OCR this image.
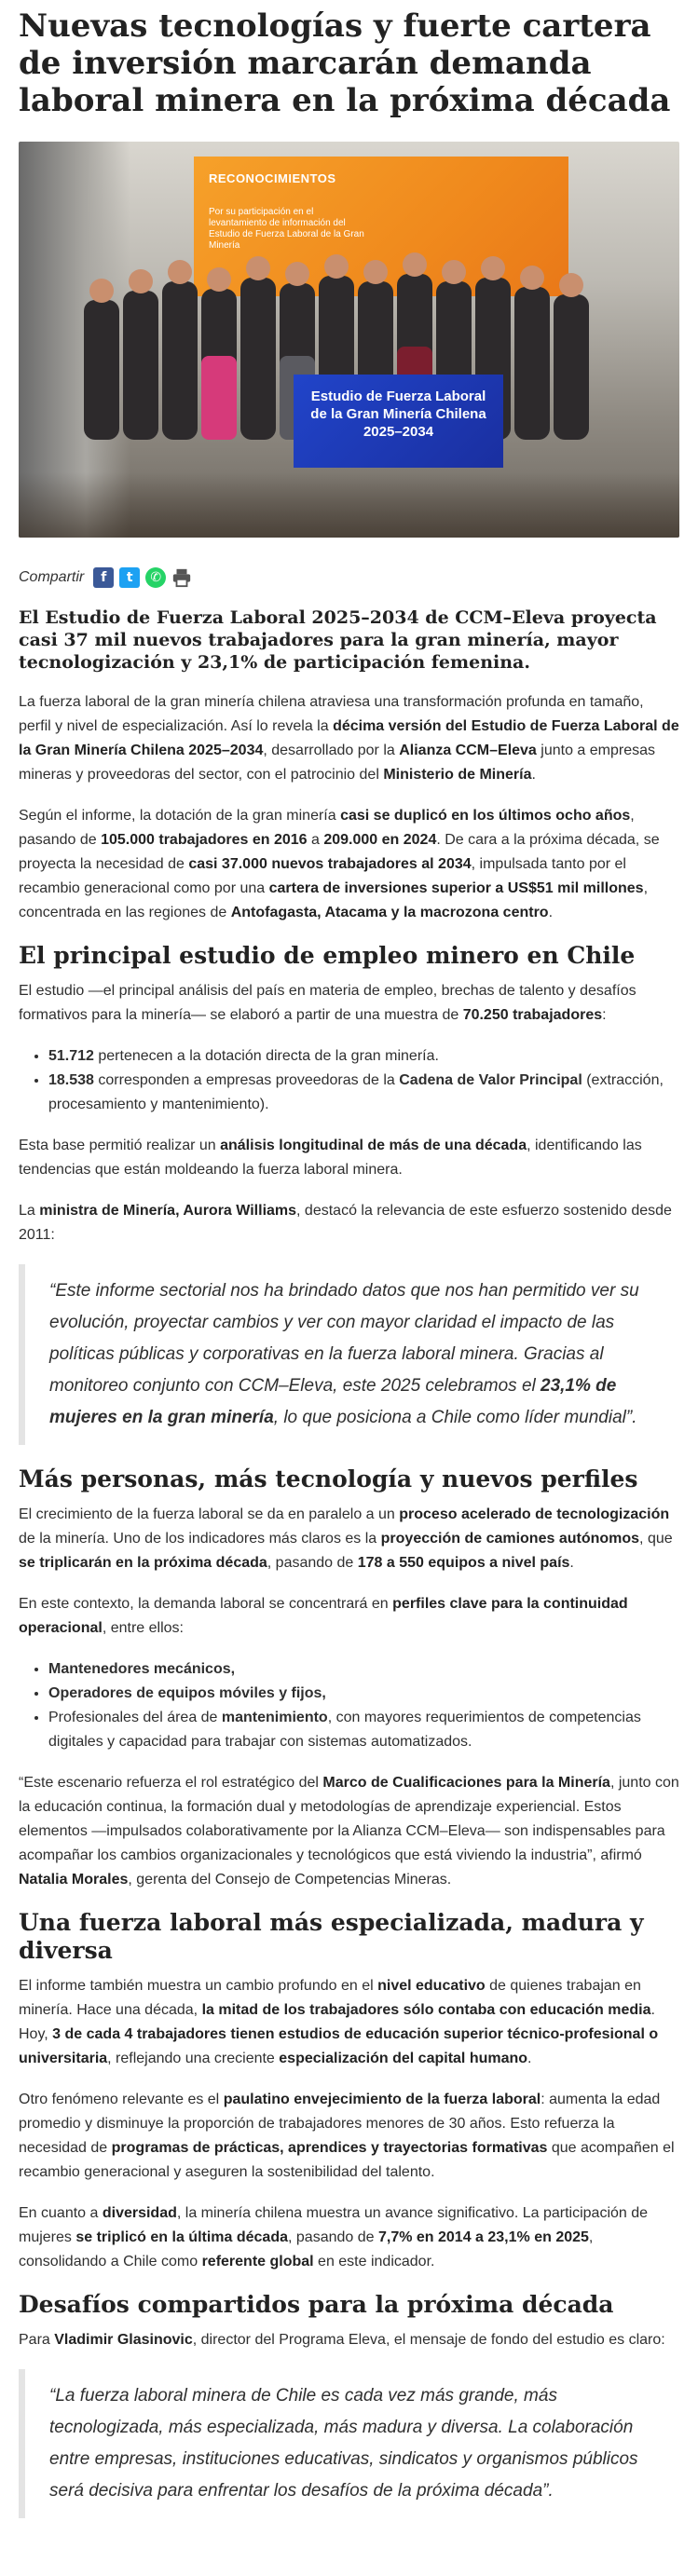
Nuevas tecnologías y fuerte cartera de inversión marcarán demanda laboral minera en la próxima década
RECONOCIMIENTOS
Por su participación en el levantamiento de información del Estudio de Fuerza Laboral de la Gran Minería
Estudio de Fuerza Laboral
de la Gran Minería Chilena
2025–2034
Compartir	f	t	✆

El Estudio de Fuerza Laboral 2025–2034 de CCM–Eleva proyecta casi 37 mil nuevos trabajadores para la gran minería, mayor tecnologización y 23,1% de participación femenina.

La fuerza laboral de la gran minería chilena atraviesa una transformación profunda en tamaño, perfil y nivel de especialización. Así lo revela la décima versión del Estudio de Fuerza Laboral de la Gran Minería Chilena 2025–2034, desarrollado por la Alianza CCM–Eleva junto a empresas mineras y proveedoras del sector, con el patrocinio del Ministerio de Minería.

Según el informe, la dotación de la gran minería casi se duplicó en los últimos ocho años, pasando de 105.000 trabajadores en 2016 a 209.000 en 2024. De cara a la próxima década, se proyecta la necesidad de casi 37.000 nuevos trabajadores al 2034, impulsada tanto por el recambio generacional como por una cartera de inversiones superior a US$51 mil millones, concentrada en las regiones de Antofagasta, Atacama y la macrozona centro.

El principal estudio de empleo minero en Chile

El estudio —el principal análisis del país en materia de empleo, brechas de talento y desafíos formativos para la minería— se elaboró a partir de una muestra de 70.250 trabajadores:

• 51.712 pertenecen a la dotación directa de la gran minería.
• 18.538 corresponden a empresas proveedoras de la Cadena de Valor Principal (extracción, procesamiento y mantenimiento).

Esta base permitió realizar un análisis longitudinal de más de una década, identificando las tendencias que están moldeando la fuerza laboral minera.

La ministra de Minería, Aurora Williams, destacó la relevancia de este esfuerzo sostenido desde 2011:

“Este informe sectorial nos ha brindado datos que nos han permitido ver su evolución, proyectar cambios y ver con mayor claridad el impacto de las políticas públicas y corporativas en la fuerza laboral minera. Gracias al monitoreo conjunto con CCM–Eleva, este 2025 celebramos el 23,1% de mujeres en la gran minería, lo que posiciona a Chile como líder mundial”.
Más personas, más tecnología y nuevos perfiles

El crecimiento de la fuerza laboral se da en paralelo a un proceso acelerado de tecnologización de la minería. Uno de los indicadores más claros es la proyección de camiones autónomos, que se triplicarán en la próxima década, pasando de 178 a 550 equipos a nivel país.

En este contexto, la demanda laboral se concentrará en perfiles clave para la continuidad operacional, entre ellos:

• Mantenedores mecánicos,
• Operadores de equipos móviles y fijos,
• Profesionales del área de mantenimiento, con mayores requerimientos de competencias digitales y capacidad para trabajar con sistemas automatizados.

“Este escenario refuerza el rol estratégico del Marco de Cualificaciones para la Minería, junto con la educación continua, la formación dual y metodologías de aprendizaje experiencial. Estos elementos —impulsados colaborativamente por la Alianza CCM–Eleva— son indispensables para acompañar los cambios organizacionales y tecnológicos que está viviendo la industria”, afirmó Natalia Morales, gerenta del Consejo de Competencias Mineras.

Una fuerza laboral más especializada, madura y diversa

El informe también muestra un cambio profundo en el nivel educativo de quienes trabajan en minería. Hace una década, la mitad de los trabajadores sólo contaba con educación media. Hoy, 3 de cada 4 trabajadores tienen estudios de educación superior técnico-profesional o universitaria, reflejando una creciente especialización del capital humano.

Otro fenómeno relevante es el paulatino envejecimiento de la fuerza laboral: aumenta la edad promedio y disminuye la proporción de trabajadores menores de 30 años. Esto refuerza la necesidad de programas de prácticas, aprendices y trayectorias formativas que acompañen el recambio generacional y aseguren la sostenibilidad del talento.

En cuanto a diversidad, la minería chilena muestra un avance significativo. La participación de mujeres se triplicó en la última década, pasando de 7,7% en 2014 a 23,1% en 2025, consolidando a Chile como referente global en este indicador.

Desafíos compartidos para la próxima década

Para Vladimir Glasinovic, director del Programa Eleva, el mensaje de fondo del estudio es claro:

“La fuerza laboral minera de Chile es cada vez más grande, más tecnologizada, más especializada, más madura y diversa. La colaboración entre empresas, instituciones educativas, sindicatos y organismos públicos será decisiva para enfrentar los desafíos de la próxima década”.
